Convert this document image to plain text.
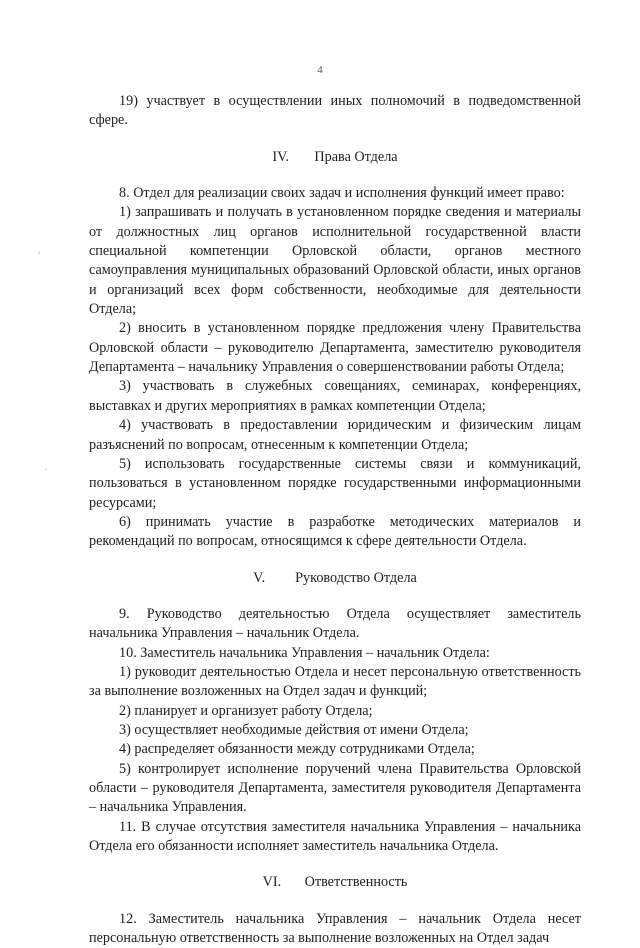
4

19) участвует в осуществлении иных полномочий в подведомственной сфере.

IV. Права Отдела

8. Отдел для реализации своих задач и исполнения функций имеет право:

1) запрашивать и получать в установленном порядке сведения и материалы от должностных лиц органов исполнительной государственной власти специальной компетенции Орловской области, органов местного самоуправления муниципальных образований Орловской области, иных органов и организаций всех форм собственности, необходимые для деятельности Отдела;

2) вносить в установленном порядке предложения члену Правительства Орловской области – руководителю Департамента, заместителю руководителя Департамента – начальнику Управления о совершенствовании работы Отдела;

3) участвовать в служебных совещаниях, семинарах, конференциях, выставках и других мероприятиях в рамках компетенции Отдела;

4) участвовать в предоставлении юридическим и физическим лицам разъяснений по вопросам, отнесенным к компетенции Отдела;

5) использовать государственные системы связи и коммуникаций, пользоваться в установленном порядке государственными информационными ресурсами;

6) принимать участие в разработке методических материалов и рекомендаций по вопросам, относящимся к сфере деятельности Отдела.

V. Руководство Отдела

9. Руководство деятельностью Отдела осуществляет заместитель начальника Управления – начальник Отдела.

10. Заместитель начальника Управления – начальник Отдела:

1) руководит деятельностью Отдела и несет персональную ответственность за выполнение возложенных на Отдел задач и функций;

2) планирует и организует работу Отдела;

3) осуществляет необходимые действия от имени Отдела;

4) распределяет обязанности между сотрудниками Отдела;

5) контролирует исполнение поручений члена Правительства Орловской области – руководителя Департамента, заместителя руководителя Департамента – начальника Управления.

11. В случае отсутствия заместителя начальника Управления – начальника Отдела его обязанности исполняет заместитель начальника Отдела.

VI. Ответственность

12. Заместитель начальника Управления – начальник Отдела несет персональную ответственность за выполнение возложенных на Отдел задач

'
·
